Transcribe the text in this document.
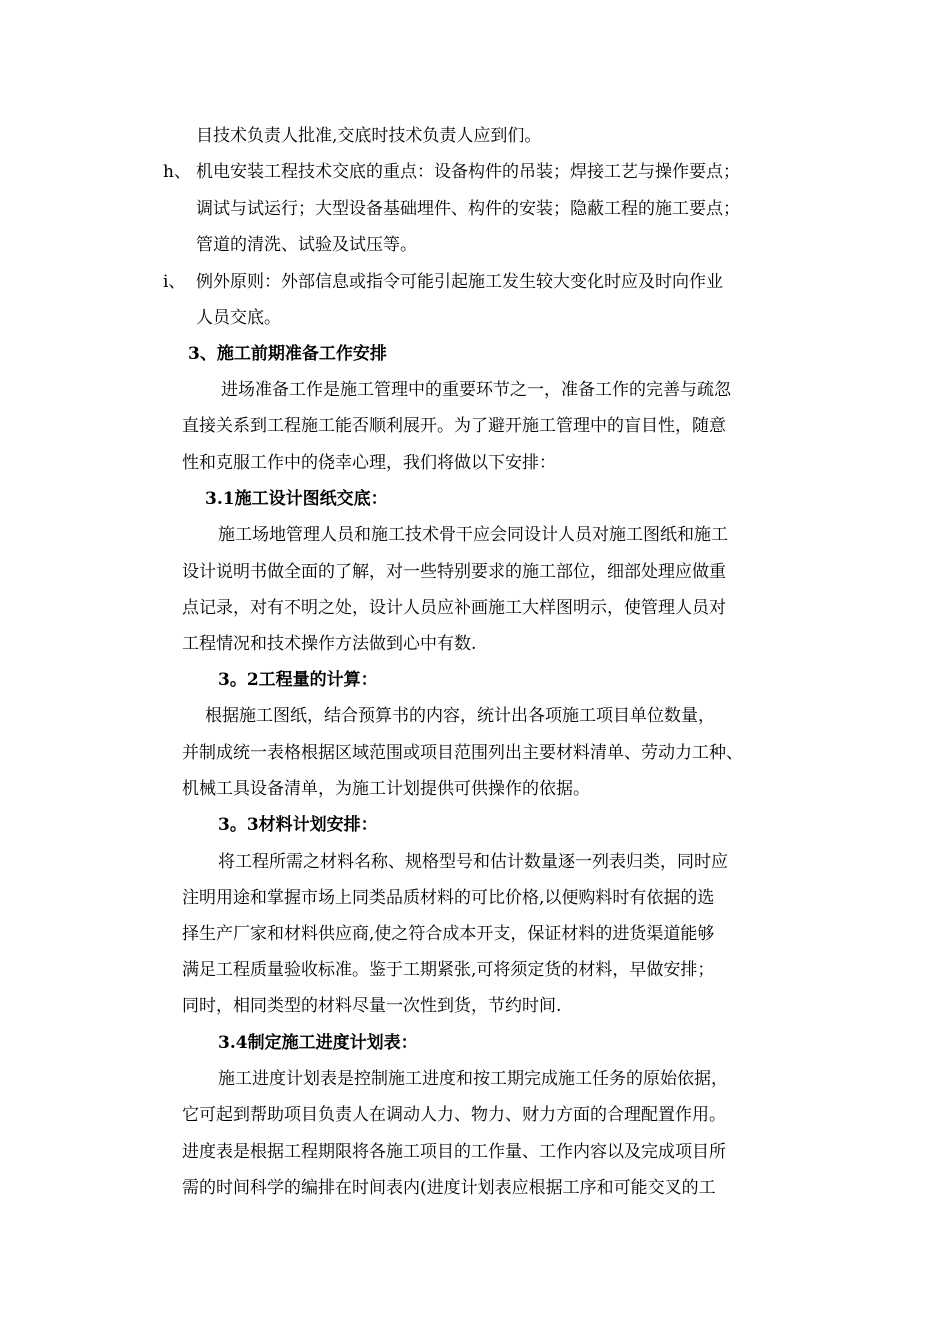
目技术负责人批准,交底时技术负责人应到们。
h、 机电安装工程技术交底的重点：设备构件的吊装；焊接工艺与操作要点；
调试与试运行；大型设备基础埋件、构件的安装；隐蔽工程的施工要点；
管道的清洗、试验及试压等。
i、 例外原则：外部信息或指令可能引起施工发生较大变化时应及时向作业
人员交底。
3、施工前期准备工作安排
进场准备工作是施工管理中的重要环节之一，准备工作的完善与疏忽
直接关系到工程施工能否顺利展开。为了避开施工管理中的盲目性，随意
性和克服工作中的侥幸心理，我们将做以下安排：
3.1施工设计图纸交底：
施工场地管理人员和施工技术骨干应会同设计人员对施工图纸和施工
设计说明书做全面的了解，对一些特别要求的施工部位，细部处理应做重
点记录，对有不明之处，设计人员应补画施工大样图明示，使管理人员对
工程情况和技术操作方法做到心中有数.
3。2工程量的计算：
根据施工图纸，结合预算书的内容，统计出各项施工项目单位数量，
并制成统一表格根据区域范围或项目范围列出主要材料清单、劳动力工种、
机械工具设备清单，为施工计划提供可供操作的依据。
3。3材料计划安排：
将工程所需之材料名称、规格型号和估计数量逐一列表归类，同时应
注明用途和掌握市场上同类品质材料的可比价格,以便购料时有依据的选
择生产厂家和材料供应商,使之符合成本开支，保证材料的进货渠道能够
满足工程质量验收标准。鉴于工期紧张,可将须定货的材料，早做安排；
同时，相同类型的材料尽量一次性到货，节约时间.
3.4制定施工进度计划表：
施工进度计划表是控制施工进度和按工期完成施工任务的原始依据，
它可起到帮助项目负责人在调动人力、物力、财力方面的合理配置作用。
进度表是根据工程期限将各施工项目的工作量、工作内容以及完成项目所
需的时间科学的编排在时间表内(进度计划表应根据工序和可能交叉的工
